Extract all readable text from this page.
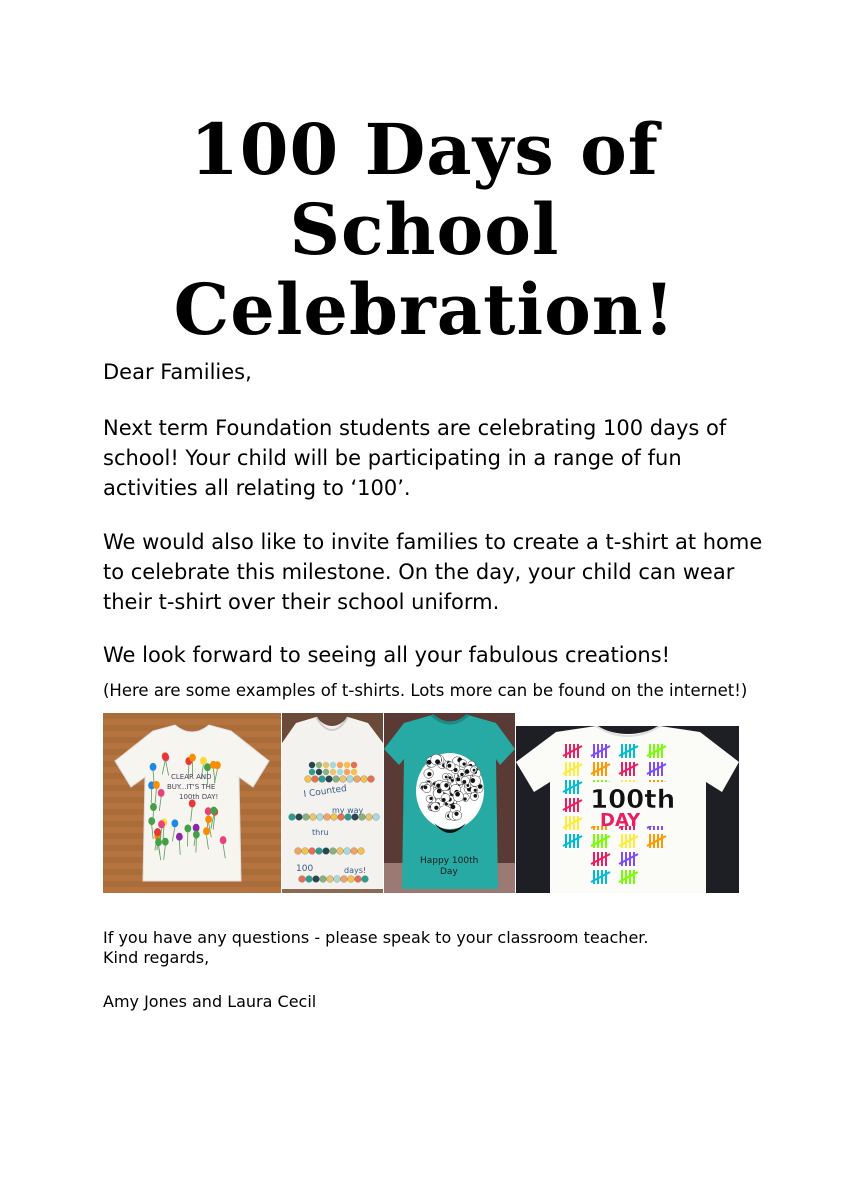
100 Days of
School
Celebration!

Dear Families,

Next term Foundation students are celebrating 100 days of school! Your child will be participating in a range of fun activities all relating to ‘100’.

We would also like to invite families to create a t-shirt at home to celebrate this milestone. On the day, your child can wear their t-shirt over their school uniform.

We look forward to seeing all your fabulous creations!

(Here are some examples of t-shirts. Lots more can be found on the internet!)

CLEAR AND
BUY...IT'S THE
100th DAY!	I Counted
my way
thru
100	days!
Happy 100th
Day
100th
DAY

If you have any questions - please speak to your classroom teacher.
Kind regards,

Amy Jones and Laura Cecil
